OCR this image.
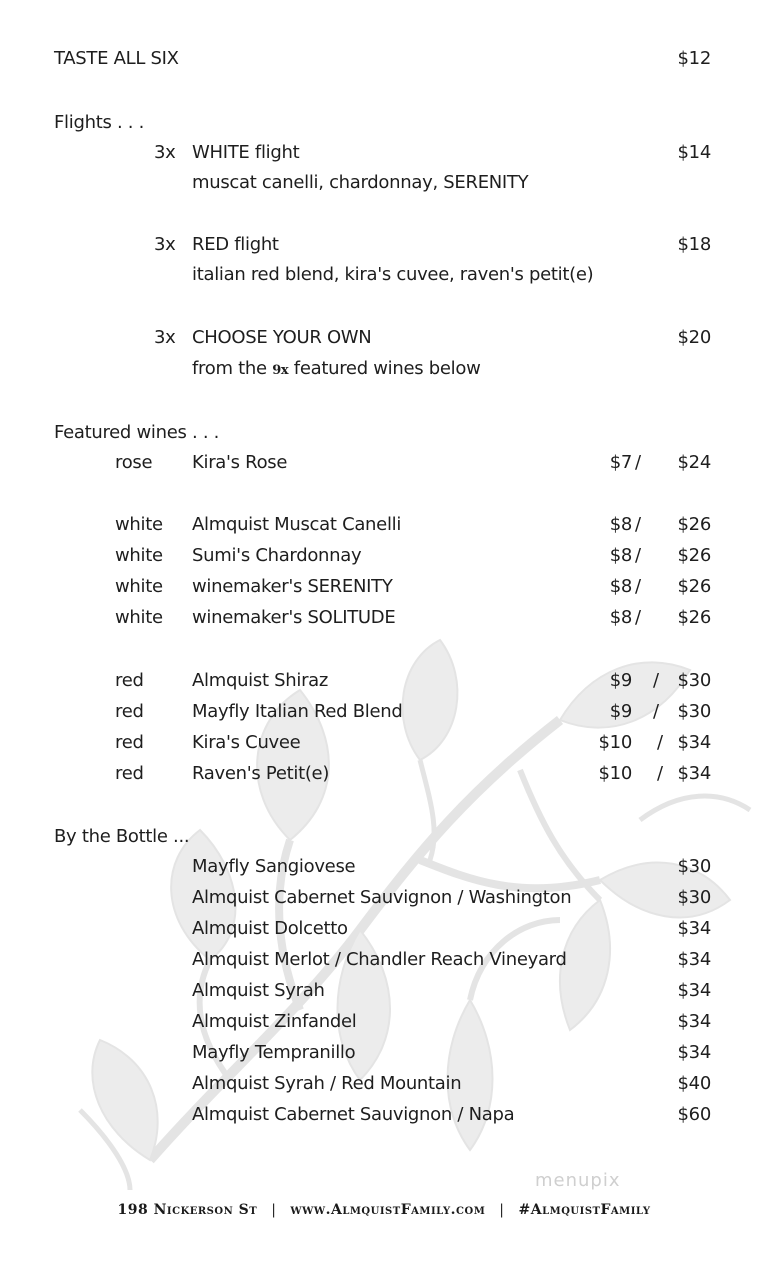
TASTE ALL SIX	$12
Flights . . .
3x WHITE flight	$14
muscat canelli, chardonnay, SERENITY
3x RED flight	$18
italian red blend, kira's cuvee, raven's petit(e)
3x CHOOSE YOUR OWN	$20
from the 9x featured wines below
Featured wines . . .
rose Kira's Rose	$7 / $24
white Almquist Muscat Canelli	$8 / $26
white Sumi's Chardonnay	$8 / $26
white winemaker's SERENITY	$8 / $26
white winemaker's SOLITUDE	$8 / $26
red	Almquist Shiraz	$9 / $30
red	Mayfly Italian Red Blend	$9 / $30
red	Kira's Cuvee	$10 / $34
red	Raven's Petit(e)	$10 / $34
By the Bottle ...
Mayfly Sangiovese	$30
Almquist Cabernet Sauvignon / Washington	$30
Almquist Dolcetto	$34
Almquist Merlot / Chandler Reach Vineyard	$34
Almquist Syrah	$34
Almquist Zinfandel	$34
Mayfly Tempranillo	$34
Almquist Syrah / Red Mountain	$40
Almquist Cabernet Sauvignon / Napa	$60
menupix
198 Nickerson St | www.AlmquistFamily.com | #AlmquistFamily
